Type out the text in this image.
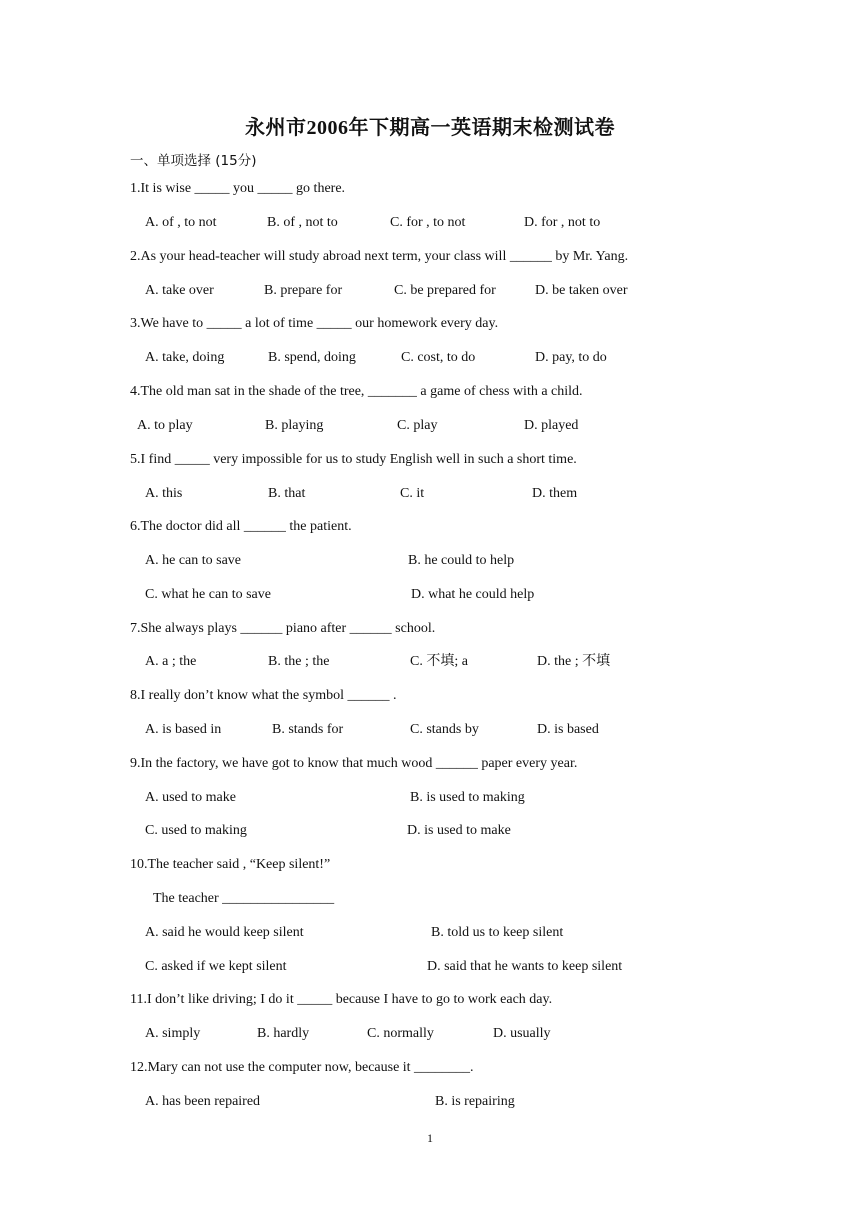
永州市2006年下期高一英语期末检测试卷
一、单项选择 (15分)
1.It is wise _____ you _____ go there.
A. of , to not	B. of , not to	C. for , to not	D. for , not to
2.As your head-teacher will study abroad next term, your class will ______ by Mr. Yang.
A. take over	B. prepare for	C. be prepared for	D. be taken over
3.We have to _____ a lot of time _____ our homework every day.
A. take, doing	B. spend, doing	C. cost, to do	D. pay, to do
4.The old man sat in the shade of the tree, _______ a game of chess with a child.
A. to play	B. playing	C. play	D. played
5.I find _____ very impossible for us to study English well in such a short time.
A. this	B. that	C. it	D. them
6.The doctor did all ______ the patient.
A. he can to save	B. he could to help
C. what he can to save	D. what he could help
7.She always plays ______ piano after ______ school.
A. a ; the	B. the ; the	C. 不填; a	D. the ; 不填
8.I really don’t know what the symbol ______ .
A. is based in	B. stands for	C. stands by	D. is based
9.In the factory, we have got to know that much wood ______ paper every year.
A. used to make	B. is used to making
C. used to making	D. is used to make
10.The teacher said , “Keep silent!”
The teacher ________________
A. said he would keep silent	B. told us to keep silent
C. asked if we kept silent	D. said that he wants to keep silent
11.I don’t like driving; I do it _____ because I have to go to work each day.
A. simply	B. hardly	C. normally	D. usually
12.Mary can not use the computer now, because it ________.
A. has been repaired	B. is repairing
1
